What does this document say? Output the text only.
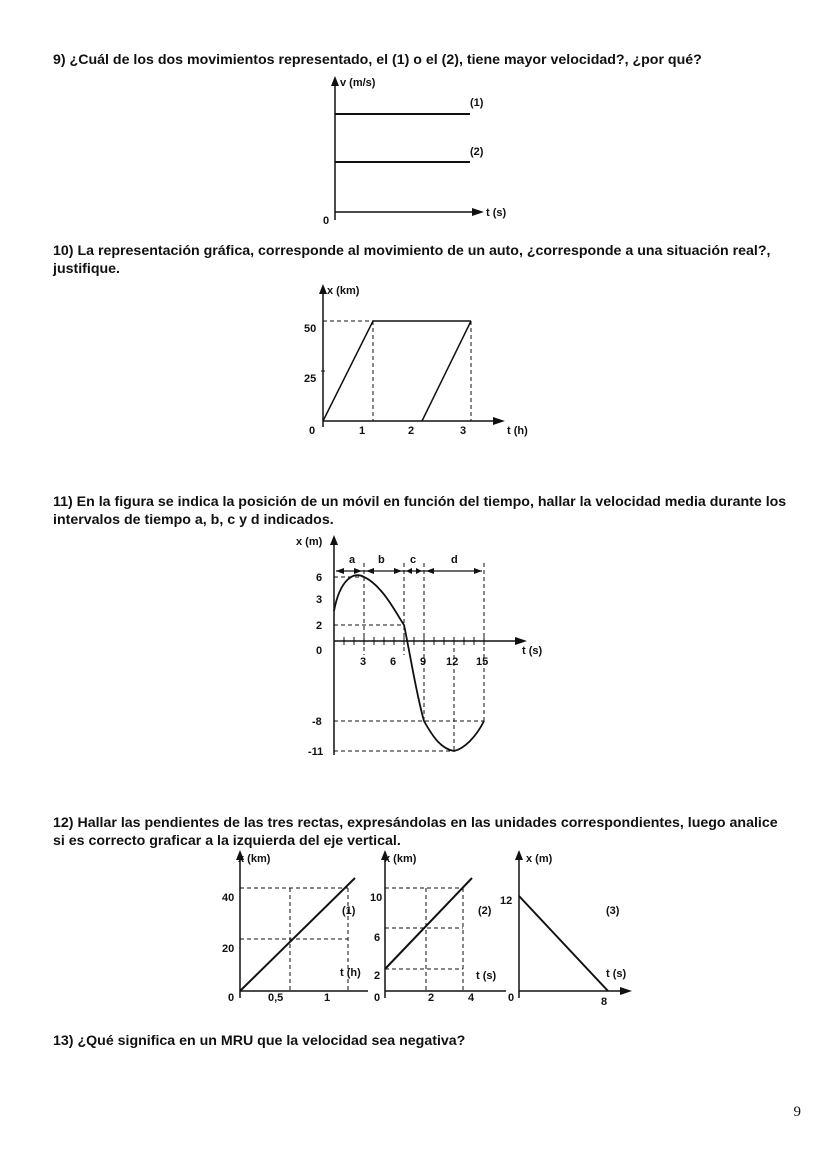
9) ¿Cuál de los dos movimientos representado, el (1) o el (2), tiene mayor velocidad?, ¿por qué?

v (m/s)
t (s)
0
(1)
(2)

10) La representación gráfica, corresponde al movimiento de un auto, ¿corresponde a una situación real?, justifique.

x (km)
t (h)
0
50
25
1	2	3

11) En la figura se indica la posición de un móvil en función del tiempo, hallar la velocidad media durante los intervalos de tiempo a, b, c y d indicados.

x (m)
t (s)
0
6
3
2
-8
-11
3 6 9 12 15
a b c	d

12) Hallar las pendientes de las tres rectas, expresándolas en las unidades correspondientes, luego analice si es correcto graficar a la izquierda del eje vertical.

x (km)
t (h)
(1)
0
40
20
0,5	1
x (km)
t (s)
(2)
0
10
6
2
2	4
x (m)
t (s)
(3)
0
12
8

13) ¿Qué significa en un MRU que la velocidad sea negativa?

9
